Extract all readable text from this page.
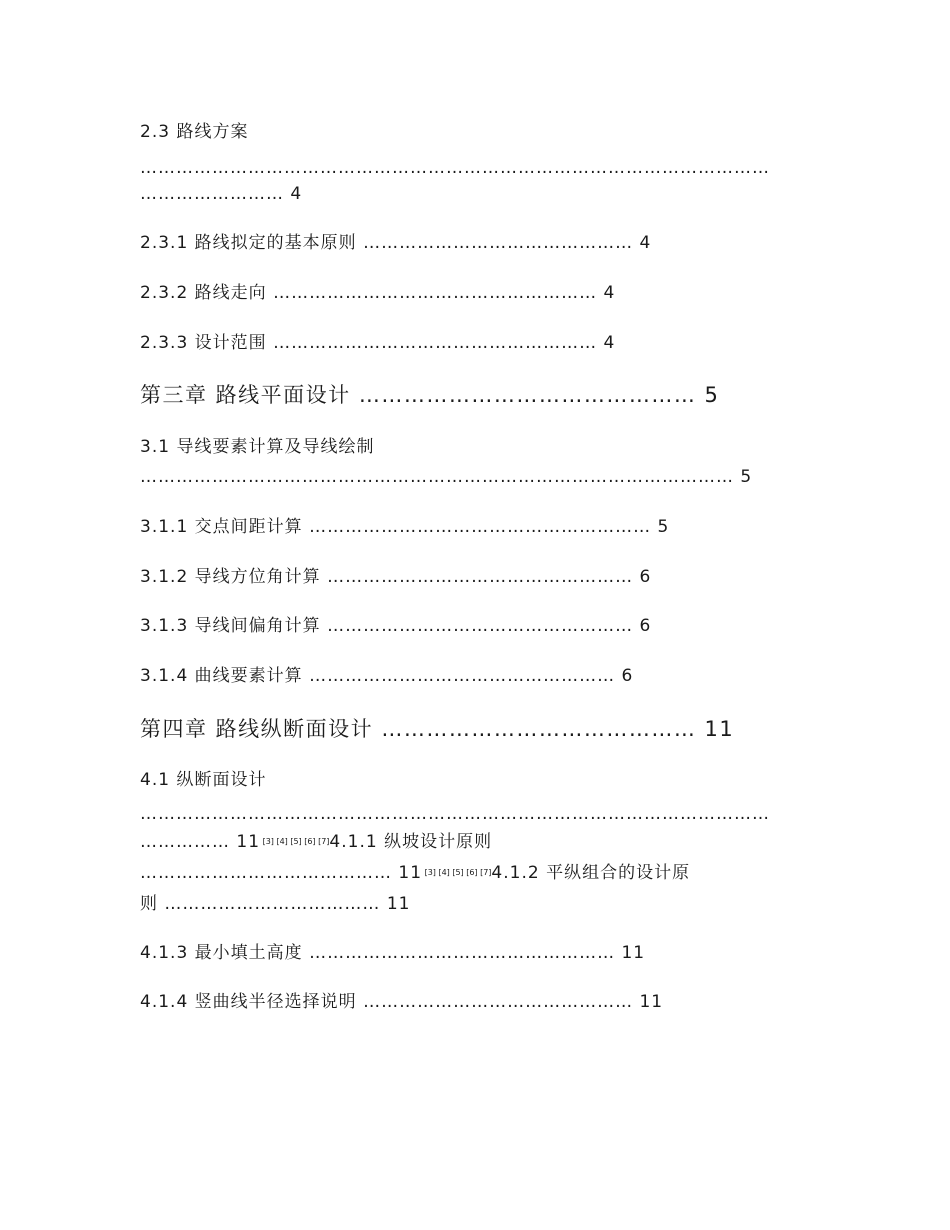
2.3 路线方案
……………………………………………………………………………………………
…………………… 4
2.3.1 路线拟定的基本原则 ……………………………………… 4
2.3.2 路线走向 ……………………………………………… 4
2.3.3 设计范围 ……………………………………………… 4
第三章 路线平面设计 ……………………………………… 5
3.1 导线要素计算及导线绘制
……………………………………………………………………………………… 5
3.1.1 交点间距计算 ………………………………………………… 5
3.1.2 导线方位角计算 …………………………………………… 6
3.1.3 导线间偏角计算 …………………………………………… 6
3.1.4 曲线要素计算 …………………………………………… 6
第四章 路线纵断面设计 …………………………………… 11
4.1 纵断面设计
……………………………………………………………………………………………
…………… 11 [3] [4] [5] [6] [7]4.1.1 纵坡设计原则
…………………………………… 11 [3] [4] [5] [6] [7]4.1.2 平纵组合的设计原
则 ……………………………… 11
4.1.3 最小填土高度 …………………………………………… 11
4.1.4 竖曲线半径选择说明 ……………………………………… 11
